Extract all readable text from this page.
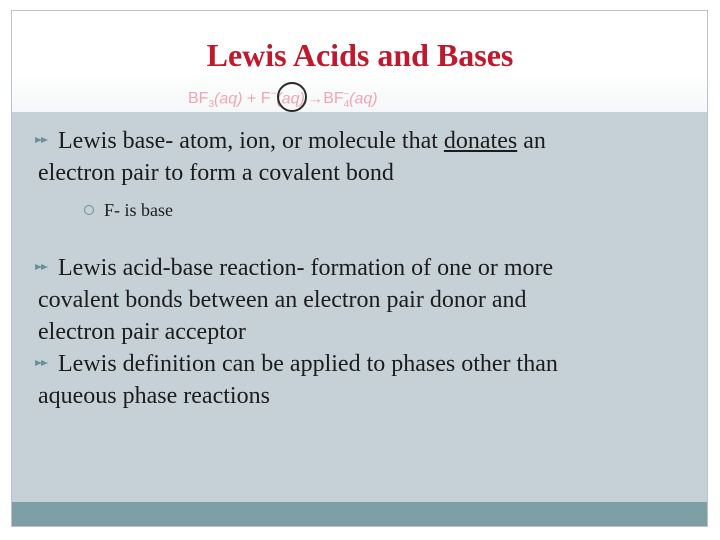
Lewis Acids and Bases
$BF_3(aq) + F^-(aq) \to BF_4^-(aq)$
Lewis base- atom, ion, or molecule that donates an
electron pair to form a covalent bond
F- is base
Lewis acid-base reaction- formation of one or more
covalent bonds between an electron pair donor and
electron pair acceptor
Lewis definition can be applied to phases other than
aqueous phase reactions
